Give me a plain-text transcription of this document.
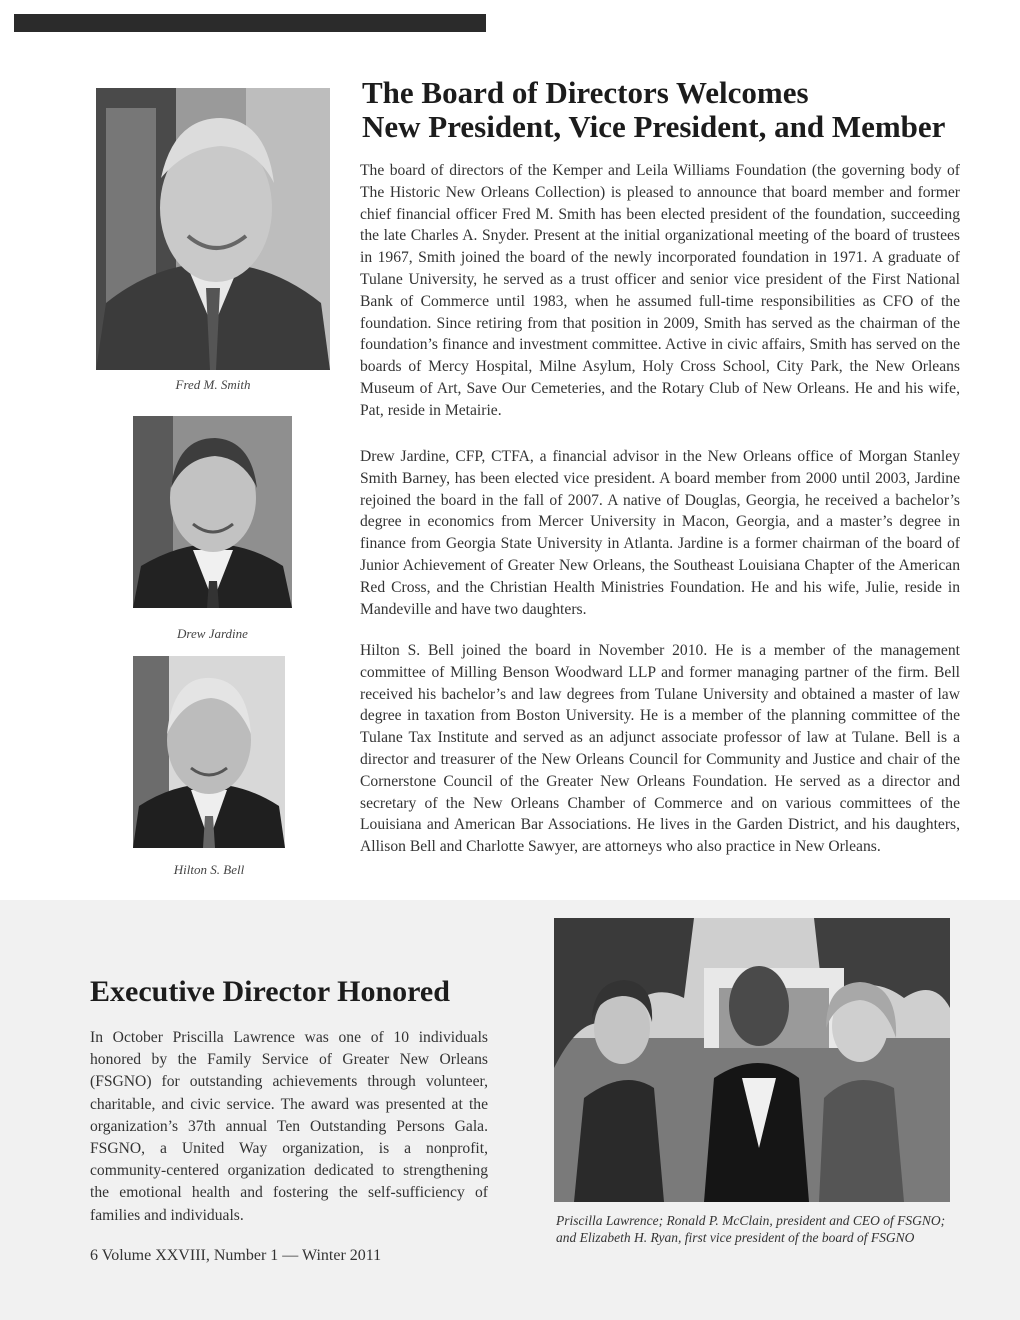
Fred M. Smith
Drew Jardine
Hilton S. Bell
The Board of Directors Welcomes
New President, Vice President, and Member

The board of directors of the Kemper and Leila Williams Foundation (the governing body of The Historic New Orleans Collection) is pleased to announce that board member and former chief financial officer Fred M. Smith has been elected president of the foundation, succeeding the late Charles A. Snyder. Present at the initial organizational meeting of the board of trustees in 1967, Smith joined the board of the newly incorporated foundation in 1971. A graduate of Tulane University, he served as a trust officer and senior vice president of the First National Bank of Commerce until 1983, when he assumed full-time responsibilities as CFO of the foundation. Since retiring from that position in 2009, Smith has served as the chairman of the foundation’s finance and investment committee. Active in civic affairs, Smith has served on the boards of Mercy Hospital, Milne Asylum, Holy Cross School, City Park, the New Orleans Museum of Art, Save Our Cemeteries, and the Rotary Club of New Orleans. He and his wife, Pat, reside in Metairie.

Drew Jardine, CFP, CTFA, a financial advisor in the New Orleans office of Morgan Stanley Smith Barney, has been elected vice president. A board member from 2000 until 2003, Jardine rejoined the board in the fall of 2007. A native of Douglas, Georgia, he received a bachelor’s degree in economics from Mercer University in Macon, Georgia, and a master’s degree in finance from Georgia State University in Atlanta. Jardine is a former chairman of the board of Junior Achievement of Greater New Orleans, the Southeast Louisiana Chapter of the American Red Cross, and the Christian Health Ministries Foundation. He and his wife, Julie, reside in Mandeville and have two daughters.

Hilton S. Bell joined the board in November 2010. He is a member of the management committee of Milling Benson Woodward LLP and former managing partner of the firm. Bell received his bachelor’s and law degrees from Tulane University and obtained a master of law degree in taxation from Boston University. He is a member of the planning committee of the Tulane Tax Institute and served as an adjunct associate professor of law at Tulane. Bell is a director and treasurer of the New Orleans Council for Community and Justice and chair of the Cornerstone Council of the Greater New Orleans Foundation. He served as a director and secretary of the New Orleans Chamber of Commerce and on various committees of the Louisiana and American Bar Associations. He lives in the Garden District, and his daughters, Allison Bell and Charlotte Sawyer, are attorneys who also practice in New Orleans.

Executive Director Honored

In October Priscilla Lawrence was one of 10 individuals honored by the Family Service of Greater New Orleans (FSGNO) for outstanding achievements through volunteer, charitable, and civic service. The award was presented at the organization’s 37th annual Ten Outstanding Persons Gala. FSGNO, a United Way organization, is a nonprofit, community-centered organization dedicated to strengthening the emotional health and fostering the self-sufficiency of families and individuals.	Priscilla Lawrence; Ronald P. McClain, president and CEO of FSGNO;
and Elizabeth H. Ryan, first vice president of the board of FSGNO
6 Volume XXVIII, Number 1 — Winter 2011
